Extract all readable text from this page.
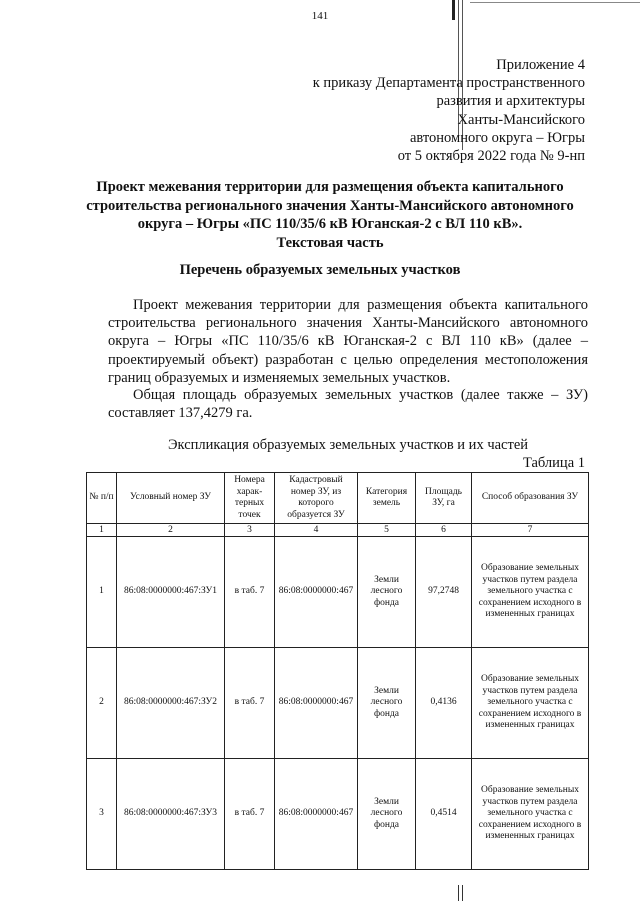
141
Приложение 4
к приказу Департамента пространственного
развития и архитектуры
Ханты-Мансийского
автономного округа – Югры
от 5 октября 2022 года № 9-нп
Проект межевания территории для размещения объекта капитального
строительства регионального значения Ханты-Мансийского автономного
округа – Югры «ПС 110/35/6 кВ Юганская-2 с ВЛ 110 кВ».
Текстовая часть
Перечень образуемых земельных участков

Проект межевания территории для размещения объекта капитального строительства регионального значения Ханты-Мансийского автономного округа – Югры «ПС 110/35/6 кВ Юганская-2 с ВЛ 110 кВ» (далее – проектируемый объект) разработан с целью определения местоположения границ образуемых и изменяемых земельных участков.

Общая площадь образуемых земельных участков (далее также – ЗУ) составляет 137,4279 га.

Экспликация образуемых земельных участков и их частей
Таблица 1
№ п/п	Условный номер ЗУ	Номера харак-терных точек	Кадастровый номер ЗУ, из которого образуется ЗУ	Категория земель	Площадь ЗУ, га	Способ образования ЗУ
1	2	3	4	5	6	7
1	86:08:0000000:467:ЗУ1	в таб. 7	86:08:0000000:467	Земли лесного фонда	97,2748	Образование земельных участков путем раздела земельного участка с сохранением исходного в измененных границах
2	86:08:0000000:467:ЗУ2	в таб. 7	86:08:0000000:467	Земли лесного фонда	0,4136	Образование земельных участков путем раздела земельного участка с сохранением исходного в измененных границах
3	86:08:0000000:467:ЗУ3	в таб. 7	86:08:0000000:467	Земли лесного фонда	0,4514	Образование земельных участков путем раздела земельного участка с сохранением исходного в измененных границах
